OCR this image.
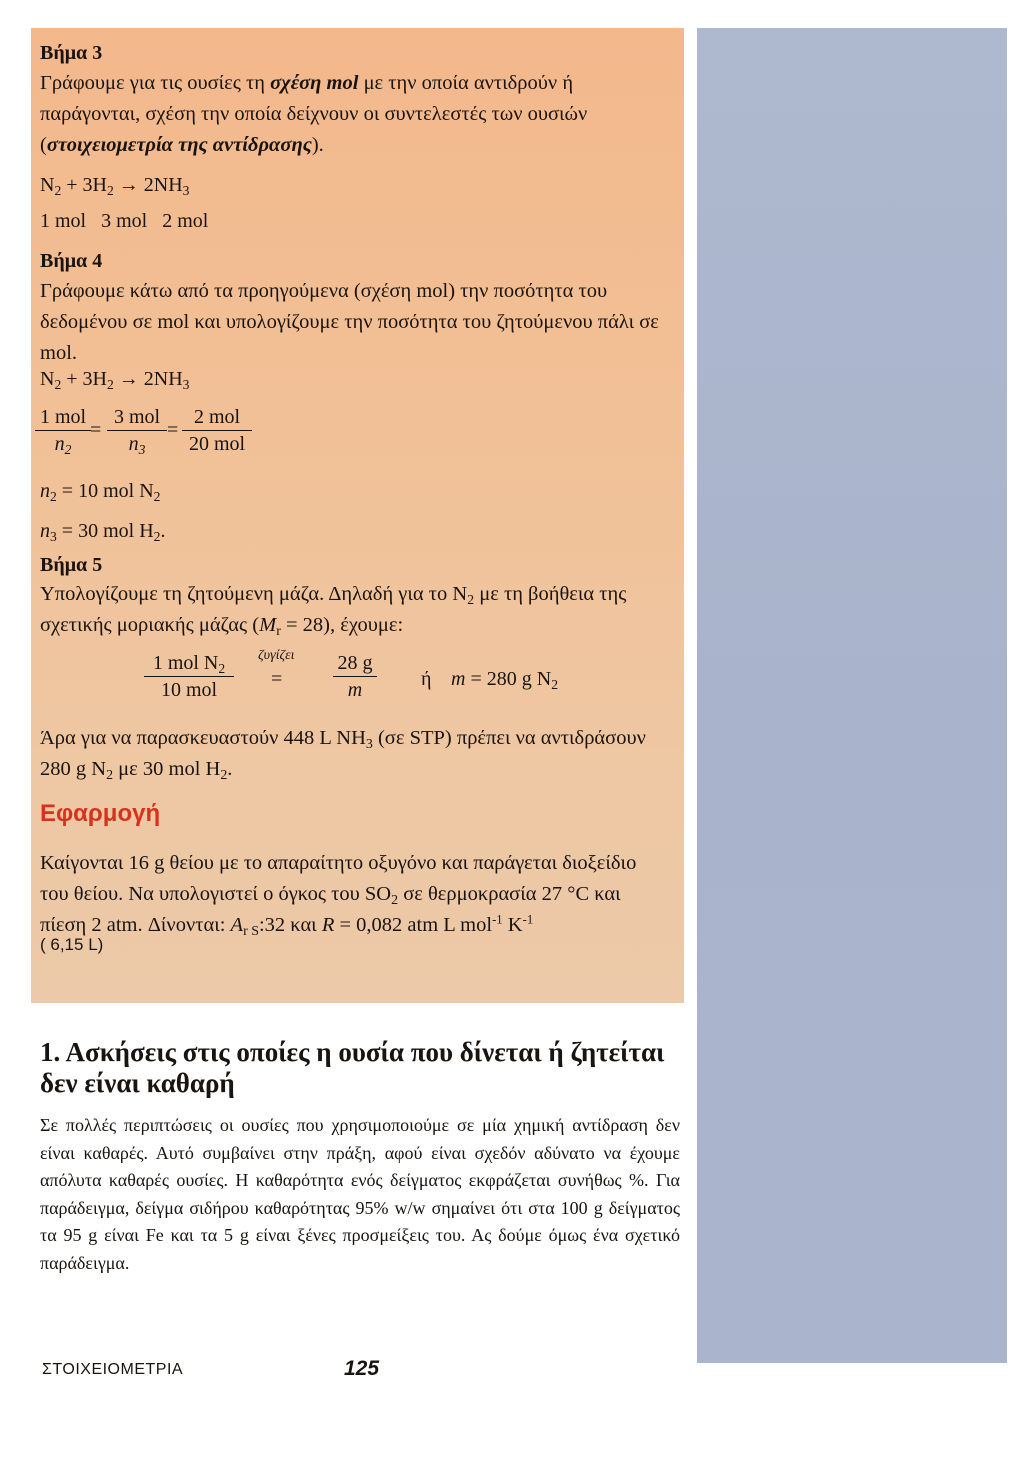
Βήμα 3
Γράφουμε για τις ουσίες τη σχέση mol με την οποία αντιδρούν ή παράγονται, σχέση την οποία δείχνουν οι συντελεστές των ουσιών (στοιχειομετρία της αντίδρασης).
$N_2 + 3H_2 \to 2NH_3$
1 mol   3 mol   2 mol
Βήμα 4
Γράφουμε κάτω από τα προηγούμενα (σχέση mol) την ποσότητα του δεδομένου σε mol και υπολογίζουμε την ποσότητα του ζητούμενου πάλι σε mol.
$N_2 + 3H_2 \to 2NH_3$
1 mol
$n_2$
=
3 mol
$n_3$
=
2 mol
20 mol
$n_2 = 10$ mol $N_2$
$n_3 = 30$ mol $H_2$.
Βήμα 5
Υπολογίζουμε τη ζητούμενη μάζα. Δηλαδή για το $N_2$ με τη βοήθεια της σχετικής μοριακής μάζας $(M_r = 28)$, έχουμε:
1 mol $N_2$
10 mol
ζυγίζει
=	$\frac{28 g}{m}$ ή m = 280 g $N_2$
Άρα για να παρασκευαστούν 448 L $NH_3$ (σε STP) πρέπει να αντιδράσουν 280 g $N_2$ με 30 mol $H_2$.
Εφαρμογή
Καίγονται 16 g θείου με το απαραίτητο οξυγόνο και παράγεται διοξείδιο του θείου. Να υπολογιστεί ο όγκος του $SO_2$ σε θερμοκρασία 27 °C και πίεση 2 atm. Δίνονται: $A_{r S}:32$ και R = 0,082 atm L mol$^{-1}$ $K^{-1}$
( 6,15 L)
1. Ασκήσεις στις οποίες η ουσία που δίνεται ή ζητείται δεν είναι καθαρή
Σε πολλές περιπτώσεις οι ουσίες που χρησιμοποιούμε σε μία χημική αντίδραση δεν είναι καθαρές. Αυτό συμβαίνει στην πράξη, αφού είναι σχεδόν αδύνατο να έχουμε απόλυτα καθαρές ουσίες. Η καθαρότητα ενός δείγματος εκφράζεται συνήθως %. Για παράδειγμα, δείγμα σιδήρου καθαρότητας 95% w/w σημαίνει ότι στα 100 g δείγματος τα 95 g είναι Fe και τα 5 g είναι ξένες προσμείξεις του. Ας δούμε όμως ένα σχετικό παράδειγμα.
ΣΤΟΙΧΕΙΟΜΕΤΡΙΑ	125
